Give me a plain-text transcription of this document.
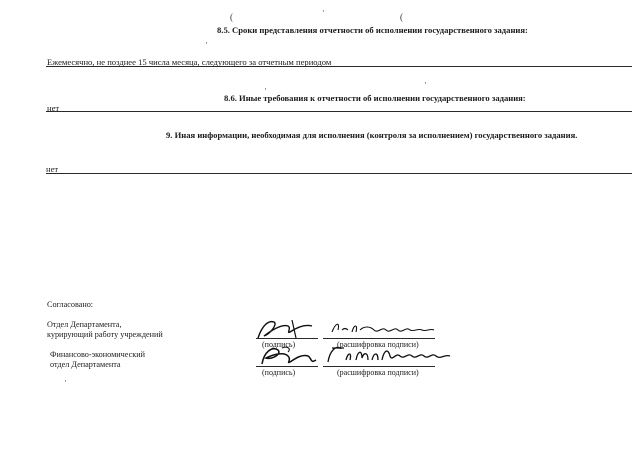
8.5. Сроки представления отчетности об исполнении государственного задания:
Ежемесячно, не позднее 15 числа месяца, следующего за отчетным периодом
8.6. Иные требования к отчетности об исполнении государственного задания:
нет
9. Иная информации, необходимая для исполнения (контроля за исполнением) государственного задания.
нет
Согласовано:
Отдел Департамента,
курирующий работу учреждений
Финансово-экономический
отдел Департамента
(подпись)	(расшифровка подписи)
(подпись)	(расшифровка подписи)
(	(
·
·
·
·
·
